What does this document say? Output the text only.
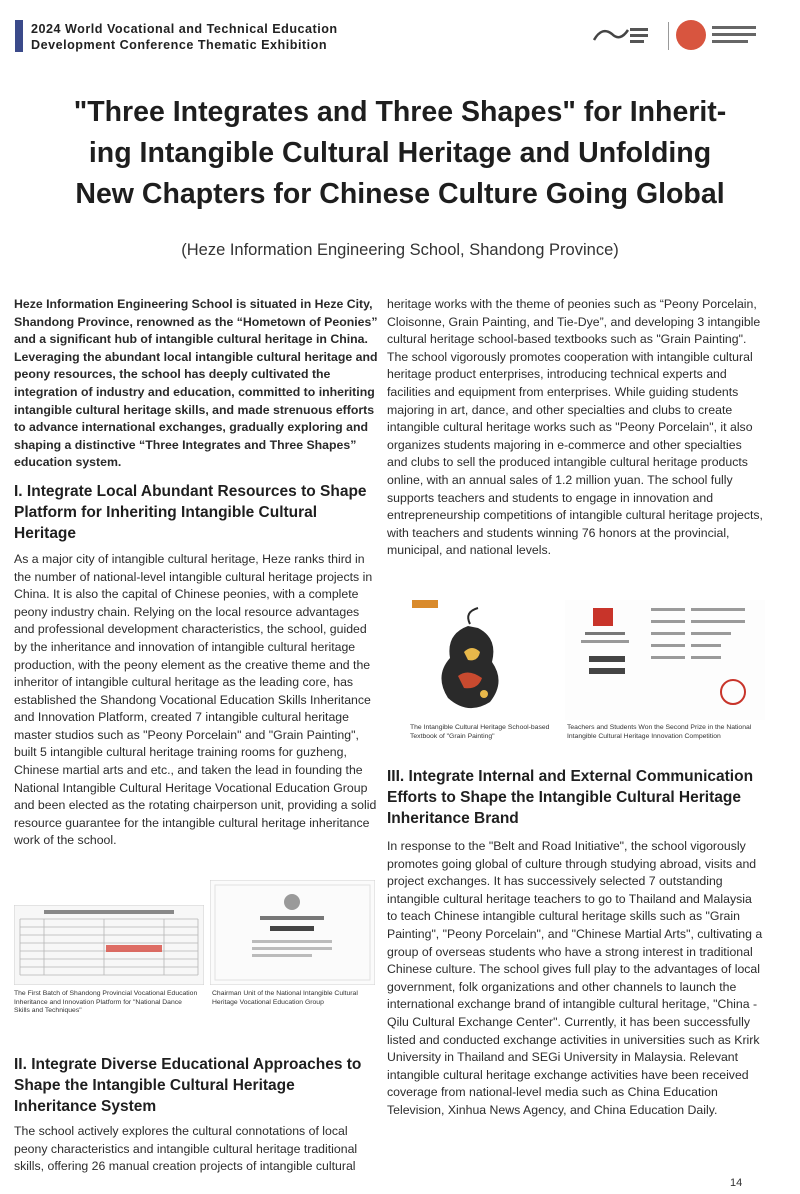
2024 World Vocational and Technical Education
Development Conference Thematic Exhibition
"Three Integrates and Three Shapes" for Inherit-
ing Intangible Cultural Heritage and Unfolding
New Chapters for Chinese Culture Going Global
(Heze Information Engineering School, Shandong Province)

Heze Information Engineering School is situated in Heze City, Shandong Province, renowned as the “Hometown of Peonies” and a significant hub of intangible cultural heritage in China. Leveraging the abundant local intangible cultural heritage and peony resources, the school has deeply cultivated the integration of industry and education, committed to inheriting intangible cultural heritage skills, and made strenuous efforts to advance international exchanges, gradually exploring and shaping a distinctive “Three Integrates and Three Shapes” education system.

I. Integrate Local Abundant Resources to Shape Platform for Inheriting Intangible Cultural Heritage

As a major city of intangible cultural heritage, Heze ranks third in the number of national-level intangible cultural heritage projects in China. It is also the capital of Chinese peonies, with a complete peony industry chain. Relying on the local resource advantages and professional development characteristics, the school, guided by the inheritance and innovation of intangible cultural heritage production, with the peony element as the creative theme and the inheritor of intangible cultural heritage as the leading core, has established the Shandong Vocational Education Skills Inheritance and Innovation Platform, created 7 intangible cultural heritage master studios such as "Peony Porcelain" and "Grain Painting", built 5 intangible cultural heritage training rooms for guzheng, Chinese martial arts and etc., and taken the lead in founding the National Intangible Cultural Heritage Vocational Education Group and been elected as the rotating chairperson unit, providing a solid resource guarantee for the intangible cultural heritage inheritance work of the school.

The First Batch of Shandong Provincial Vocational Education Inheritance and Innovation Platform for "National Dance Skills and Techniques"
Chairman Unit of the National Intangible Cultural Heritage Vocational Education Group

II. Integrate Diverse Educational Approaches to Shape the Intangible Cultural Heritage Inheritance System

The school actively explores the cultural connotations of local peony characteristics and intangible cultural heritage traditional skills, offering 26 manual creation projects of intangible cultural

heritage works with the theme of peonies such as “Peony Porcelain, Cloisonne, Grain Painting, and Tie-Dye”, and developing 3 intangible cultural heritage school-based textbooks such as "Grain Painting". The school vigorously promotes cooperation with intangible cultural heritage product enterprises, introducing technical experts and facilities and equipment from enterprises. While guiding students majoring in art, dance, and other specialties and clubs to create intangible cultural heritage works such as "Peony Porcelain", it also organizes students majoring in e-commerce and other specialties and clubs to sell the produced intangible cultural heritage products online, with an annual sales of 1.2 million yuan. The school fully supports teachers and students to engage in innovation and entrepreneurship competitions of intangible cultural heritage projects, with teachers and students winning 76 honors at the provincial, municipal, and national levels.

The Intangible Cultural Heritage School-based Textbook of "Grain Painting"
Teachers and Students Won the Second Prize in the National Intangible Cultural Heritage Innovation Competition

III. Integrate Internal and External Communication Efforts to Shape the Intangible Cultural Heritage Inheritance Brand

In response to the "Belt and Road Initiative", the school vigorously promotes going global of culture through studying abroad, visits and project exchanges. It has successively selected 7 outstanding intangible cultural heritage teachers to go to Thailand and Malaysia to teach Chinese intangible cultural heritage skills such as "Grain Painting", "Peony Porcelain", and "Chinese Martial Arts", cultivating a group of overseas students who have a strong interest in traditional Chinese culture. The school gives full play to the advantages of local government, folk organizations and other channels to launch the international exchange brand of intangible cultural heritage, "China - Qilu Cultural Exchange Center". Currently, it has been successfully listed and conducted exchange activities in universities such as Krirk University in Thailand and SEGi University in Malaysia. Relevant intangible cultural heritage exchange activities have been received coverage from national-level media such as China Education Television, Xinhua News Agency, and China Education Daily.

14
